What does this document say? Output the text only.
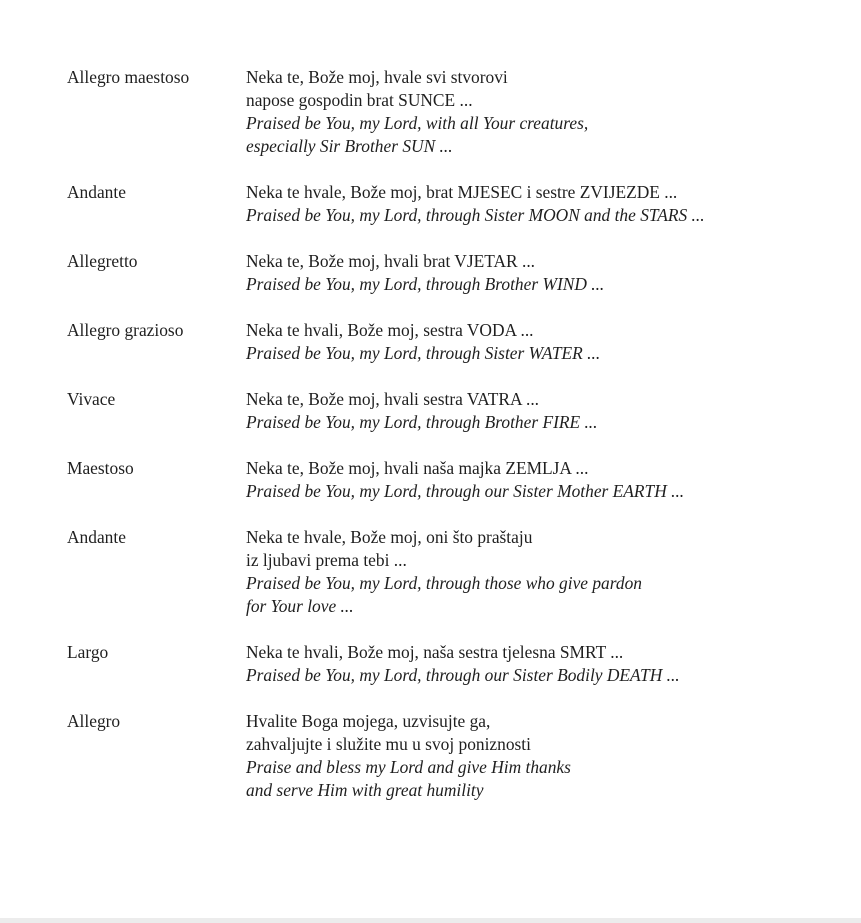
Allegro maestoso	Neka te, Bože moj, hvale svi stvorovi
napose gospodin brat SUNCE ...
Praised be You, my Lord, with all Your creatures,
especially Sir Brother SUN ...
Andante	Neka te hvale, Bože moj, brat MJESEC i sestre ZVIJEZDE ...
Praised be You, my Lord, through Sister MOON and the STARS ...
Allegretto	Neka te, Bože moj, hvali brat VJETAR ...
Praised be You, my Lord, through Brother WIND ...
Allegro grazioso	Neka te hvali, Bože moj, sestra VODA ...
Praised be You, my Lord, through Sister WATER ...
Vivace	Neka te, Bože moj, hvali sestra VATRA ...
Praised be You, my Lord, through Brother FIRE ...
Maestoso	Neka te, Bože moj, hvali naša majka ZEMLJA ...
Praised be You, my Lord, through our Sister Mother EARTH ...
Andante	Neka te hvale, Bože moj, oni što praštaju
iz ljubavi prema tebi ...
Praised be You, my Lord, through those who give pardon
for Your love ...
Largo	Neka te hvali, Bože moj, naša sestra tjelesna SMRT ...
Praised be You, my Lord, through our Sister Bodily DEATH ...
Allegro	Hvalite Boga mojega, uzvisujte ga,
zahvaljujte i služite mu u svoj poniznosti
Praise and bless my Lord and give Him thanks
and serve Him with great humility
